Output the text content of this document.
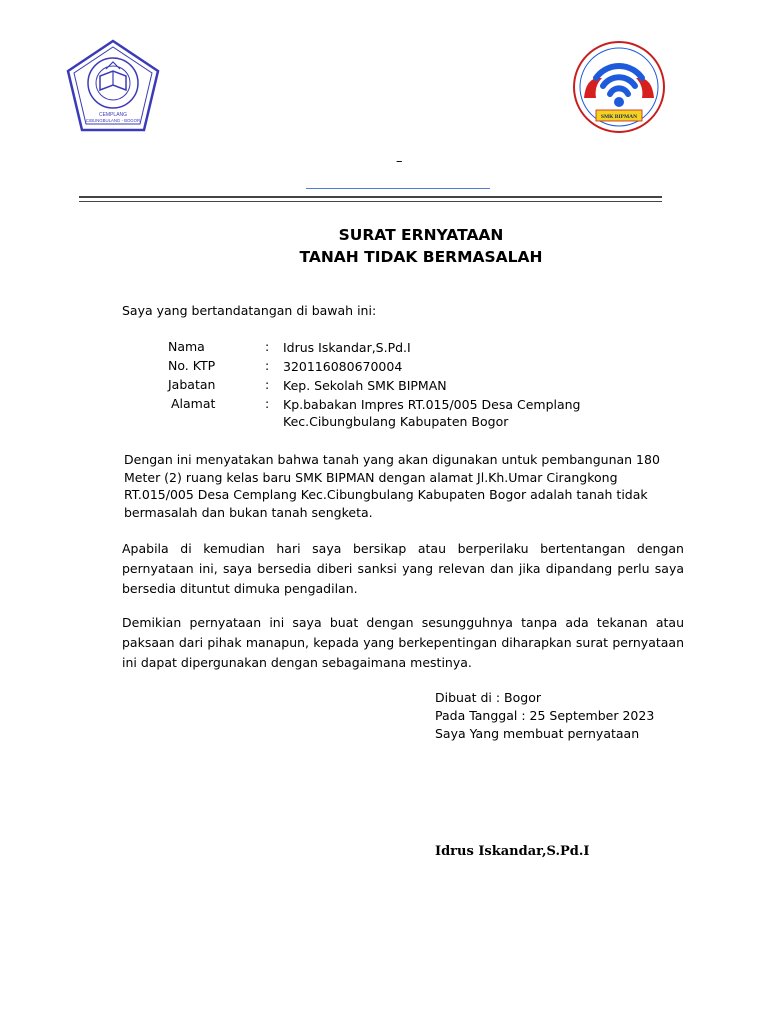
CEMPLANG
CIBUNGBULANG - BOGOR
SMK BIPMAN
–
SURAT ERNYATAAN
TANAH TIDAK BERMASALAH
Saya yang bertandatangan di bawah ini:
Nama	: Idrus Iskandar,S.Pd.I
No. KTP	: 320116080670004
Jabatan	: Kep. Sekolah SMK BIPMAN
Alamat	: Kp.babakan Impres RT.015/005 Desa Cemplang Kec.Cibungbulang Kabupaten Bogor
Dengan ini menyatakan bahwa tanah yang akan digunakan untuk pembangunan 180 Meter (2) ruang kelas baru SMK BIPMAN dengan alamat Jl.Kh.Umar Cirangkong RT.015/005 Desa Cemplang Kec.Cibungbulang Kabupaten Bogor adalah tanah tidak bermasalah dan bukan tanah sengketa.
Apabila di kemudian hari saya bersikap atau berperilaku bertentangan dengan pernyataan ini, saya bersedia diberi sanksi yang relevan dan jika dipandang perlu saya bersedia dituntut dimuka pengadilan.
Demikian pernyataan ini saya buat dengan sesungguhnya tanpa ada tekanan atau paksaan dari pihak manapun, kepada yang berkepentingan diharapkan surat pernyataan ini dapat dipergunakan dengan sebagaimana mestinya.
Dibuat di : Bogor
Pada Tanggal : 25 September 2023
Saya Yang membuat pernyataan
Idrus Iskandar,S.Pd.I
